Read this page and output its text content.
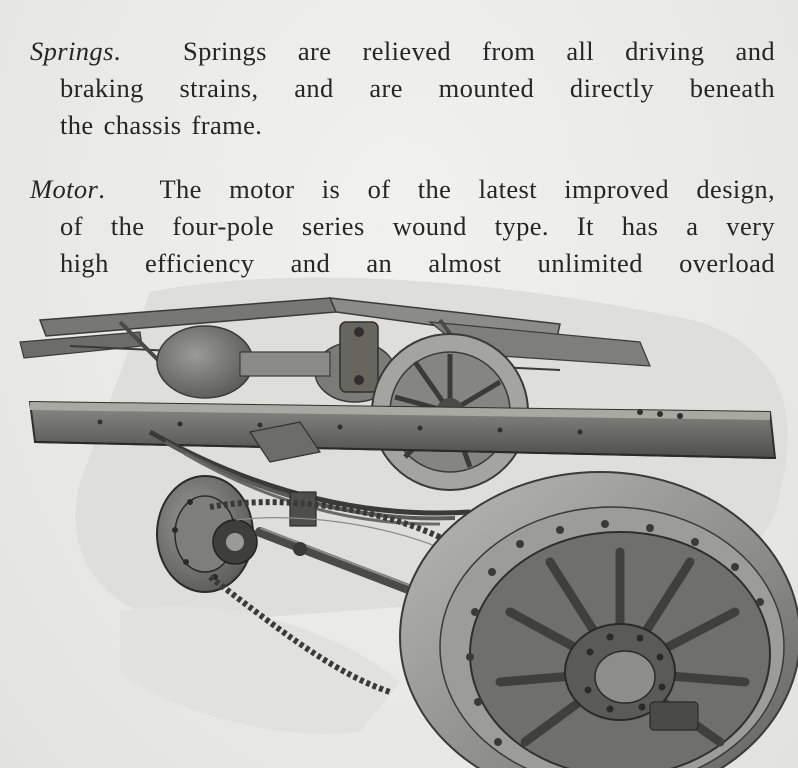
Springs.  Springs are relieved from all driving and
braking strains, and are mounted directly beneath
the chassis frame.

Motor.  The motor is of the latest improved design,
of the four-pole series wound type. It has a very
high efficiency and an almost unlimited overload
